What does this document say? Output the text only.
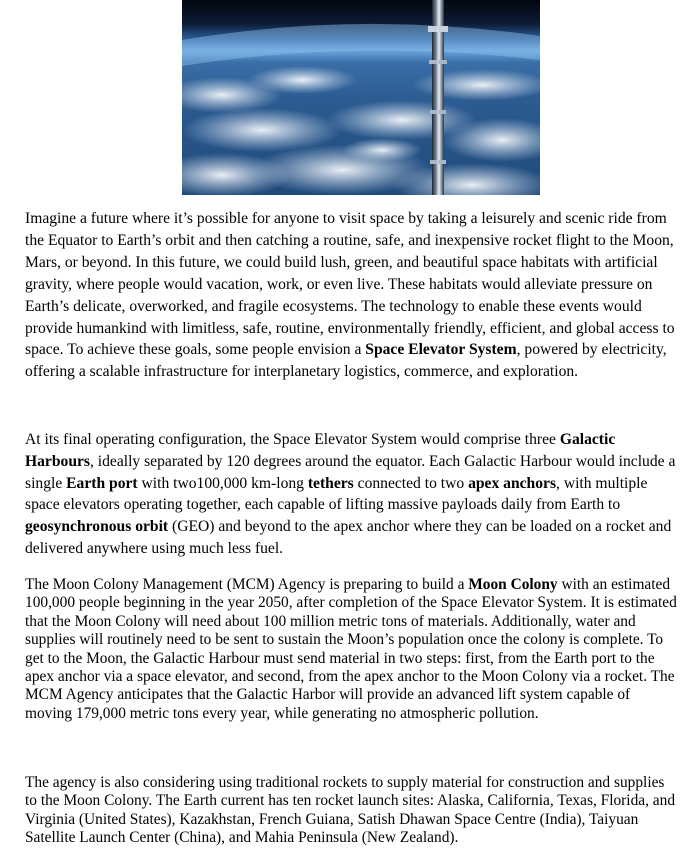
Imagine a future where it’s possible for anyone to visit space by taking a leisurely and scenic ride from the Equator to Earth’s orbit and then catching a routine, safe, and inexpensive rocket flight to the Moon, Mars, or beyond. In this future, we could build lush, green, and beautiful space habitats with artificial gravity, where people would vacation, work, or even live. These habitats would alleviate pressure on Earth’s delicate, overworked, and fragile ecosystems. The technology to enable these events would provide humankind with limitless, safe, routine, environmentally friendly, efficient, and global access to space. To achieve these goals, some people envision a Space Elevator System, powered by electricity, offering a scalable infrastructure for interplanetary logistics, commerce, and exploration.

At its final operating configuration, the Space Elevator System would comprise three Galactic Harbours, ideally separated by 120 degrees around the equator. Each Galactic Harbour would include a single Earth port with two100,000 km-long tethers connected to two apex anchors, with multiple space elevators operating together, each capable of lifting massive payloads daily from Earth to geosynchronous orbit (GEO) and beyond to the apex anchor where they can be loaded on a rocket and delivered anywhere using much less fuel.

The Moon Colony Management (MCM) Agency is preparing to build a Moon Colony with an estimated 100,000 people beginning in the year 2050, after completion of the Space Elevator System. It is estimated that the Moon Colony will need about 100 million metric tons of materials. Additionally, water and supplies will routinely need to be sent to sustain the Moon’s population once the colony is complete. To get to the Moon, the Galactic Harbour must send material in two steps: first, from the Earth port to the apex anchor via a space elevator, and second, from the apex anchor to the Moon Colony via a rocket. The MCM Agency anticipates that the Galactic Harbor will provide an advanced lift system capable of moving 179,000 metric tons every year, while generating no atmospheric pollution.

The agency is also considering using traditional rockets to supply material for construction and supplies to the Moon Colony. The Earth current has ten rocket launch sites: Alaska, California, Texas, Florida, and Virginia (United States), Kazakhstan, French Guiana, Satish Dhawan Space Centre (India), Taiyuan Satellite Launch Center (China), and Mahia Peninsula (New Zealand).
